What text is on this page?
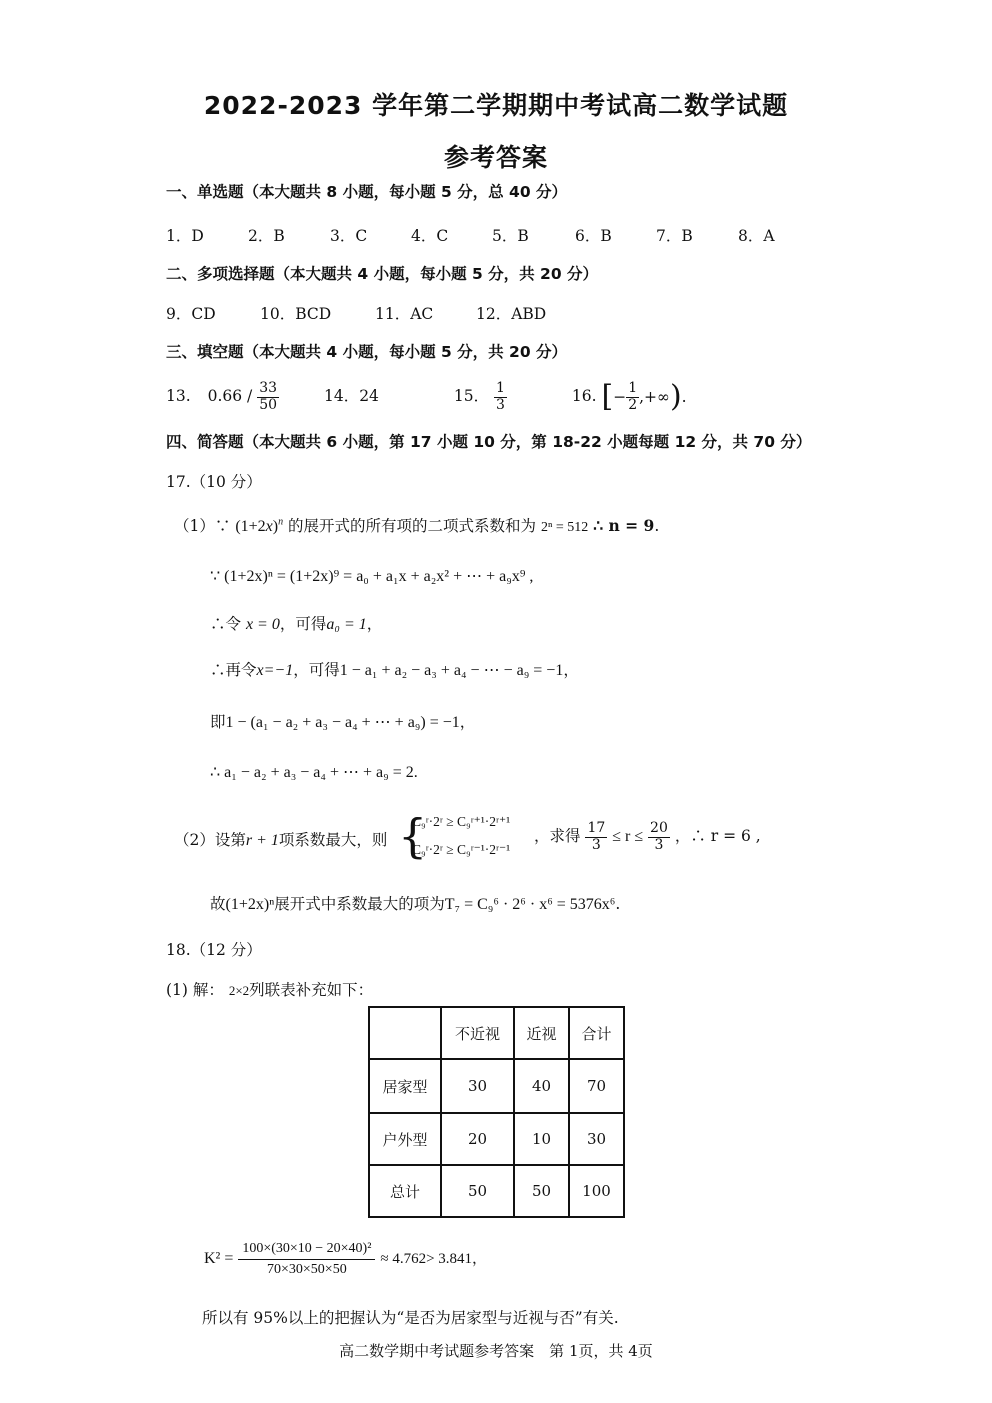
2022-2023 学年第二学期期中考试高二数学试题
参考答案
一、单选题（本大题共 8 小题，每小题 5 分，总 40 分）
1．D	2．B	3．C	4．C	5．B	6．B	7．B	8．A
二、多项选择题（本大题共 4 小题，每小题 5 分，共 20 分）
9．CD	10．BCD	11．AC	12．ABD
三、填空题（本大题共 4 小题，每小题 5 分，共 20 分）
13. $0.66 / \frac{33}{50}$	14．24	15． $\frac{1}{3}$	16. [− $\frac{1}{2}$ ,+∞).
四、简答题（本大题共 6 小题，第 17 小题 10 分，第 18-22 小题每题 12 分，共 70 分）
17.（10 分）
（1）∵ $(1+2x)^n$ 的展开式的所有项的二项式系数和为 2ⁿ = 512 ∴ n = 9.
∵ (1+2x)ⁿ = (1+2x)⁹ = a₀ + a₁x + a₂x² + ⋯ + a₉x⁹ ,
∴令 x = 0，可得a₀ = 1，
∴再令x=−1，可得1 − a₁ + a₂ − a₃ + a₄ − ⋯ − a₉ = −1，
即1 − (a₁ − a₂ + a₃ − a₄ + ⋯ + a₉) = −1，
∴ a₁ − a₂ + a₃ − a₄ + ⋯ + a₉ = 2.
（2）设第r + 1项系数最大，则 {
C₉ʳ·2ʳ ≥ C₉ʳ⁺¹·2ʳ⁺¹
C₉ʳ·2ʳ ≥ C₉ʳ⁻¹·2ʳ⁻¹
，求得 $\frac{17}{3} \le r \le \frac{20}{3}$ ，∴ r = 6 ,
故(1+2x)ⁿ展开式中系数最大的项为T₇ = C₉⁶ · 2⁶ · x⁶ = 5376x⁶.
18.（12 分）
(1) 解： 2×2列联表补充如下：
	不近视	近视	合计
居家型	30	40	70
户外型	20	10	30
总计	50	50	100
$K^2 = \frac{\text{100×(30×10 − 20×40)²}}{70\times 30\times 50\times 50} \approx 4.762> 3.841$，
所以有 95%以上的把握认为“是否为居家型与近视与否”有关.
高二数学期中考试题参考答案　第 1页，共 4页
